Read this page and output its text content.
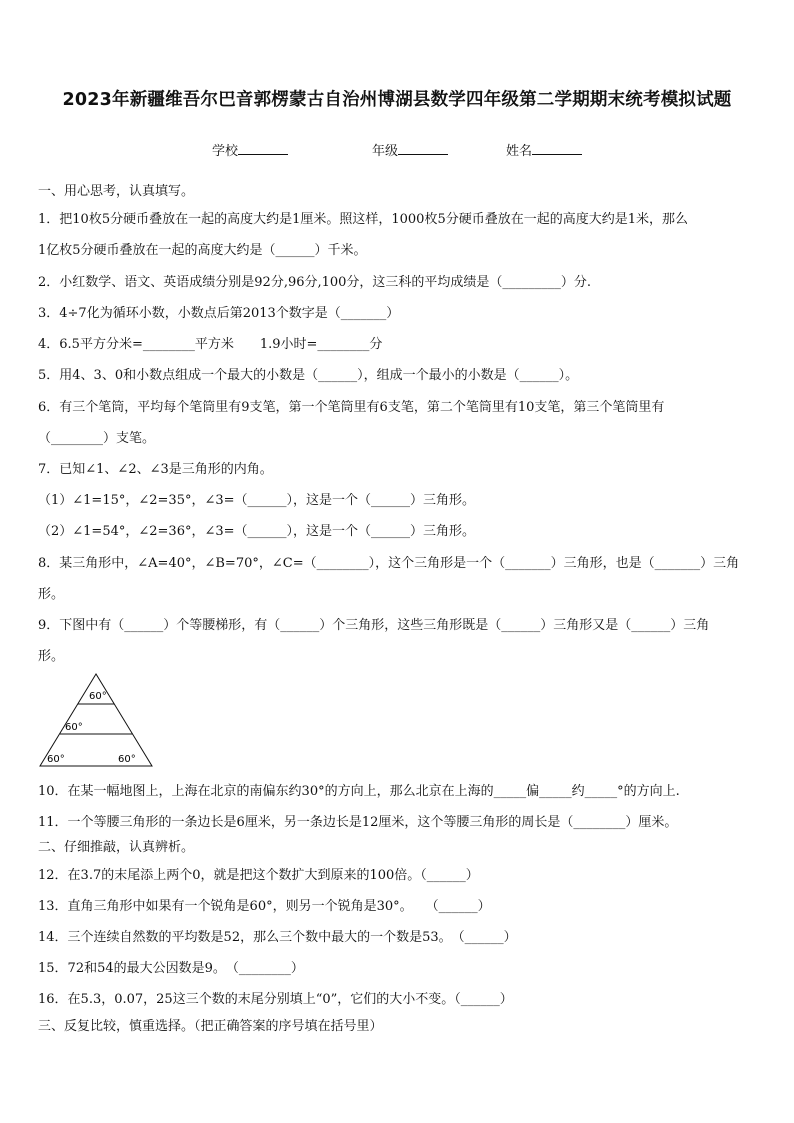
2023年新疆维吾尔巴音郭楞蒙古自治州博湖县数学四年级第二学期期末统考模拟试题
学校	年级	姓名
一、用心思考，认真填写。
1．把10枚5分硬币叠放在一起的高度大约是1厘米。照这样，1000枚5分硬币叠放在一起的高度大约是1米，那么
1亿枚5分硬币叠放在一起的高度大约是（______）千米。
2．小红数学、语文、英语成绩分别是92分,96分,100分，这三科的平均成绩是（_________）分.
3．4÷7化为循环小数，小数点后第2013个数字是（_______）
4．6.5平方分米=________平方米　　1.9小时=________分
5．用4、3、0和小数点组成一个最大的小数是（______），组成一个最小的小数是（______）。
6．有三个笔筒，平均每个笔筒里有9支笔，第一个笔筒里有6支笔，第二个笔筒里有10支笔，第三个笔筒里有
（________）支笔。
7．已知∠1、∠2、∠3是三角形的内角。
（1）∠1=15°，∠2=35°，∠3=（______），这是一个（______）三角形。
（2）∠1=54°，∠2=36°，∠3=（______），这是一个（______）三角形。
8．某三角形中，∠A=40°，∠B=70°，∠C=（________），这个三角形是一个（_______）三角形，也是（_______）三角
形。
9．下图中有（______）个等腰梯形，有（______）个三角形，这些三角形既是（______）三角形又是（______）三角
形。
60°
60°
60°	60°
10．在某一幅地图上，上海在北京的南偏东约30°的方向上，那么北京在上海的_____偏_____约_____°的方向上.
11．一个等腰三角形的一条边长是6厘米，另一条边长是12厘米，这个等腰三角形的周长是（________）厘米。
二、仔细推敲，认真辨析。
12．在3.7的末尾添上两个0，就是把这个数扩大到原来的100倍。（______）
13．直角三角形中如果有一个锐角是60°，则另一个锐角是30°。　　（______）
14．三个连续自然数的平均数是52，那么三个数中最大的一个数是53。　（______）
15．72和54的最大公因数是9。　（________）
16．在5.3，0.07，25这三个数的末尾分别填上“0”，它们的大小不变。（______）
三、反复比较，慎重选择。（把正确答案的序号填在括号里）
